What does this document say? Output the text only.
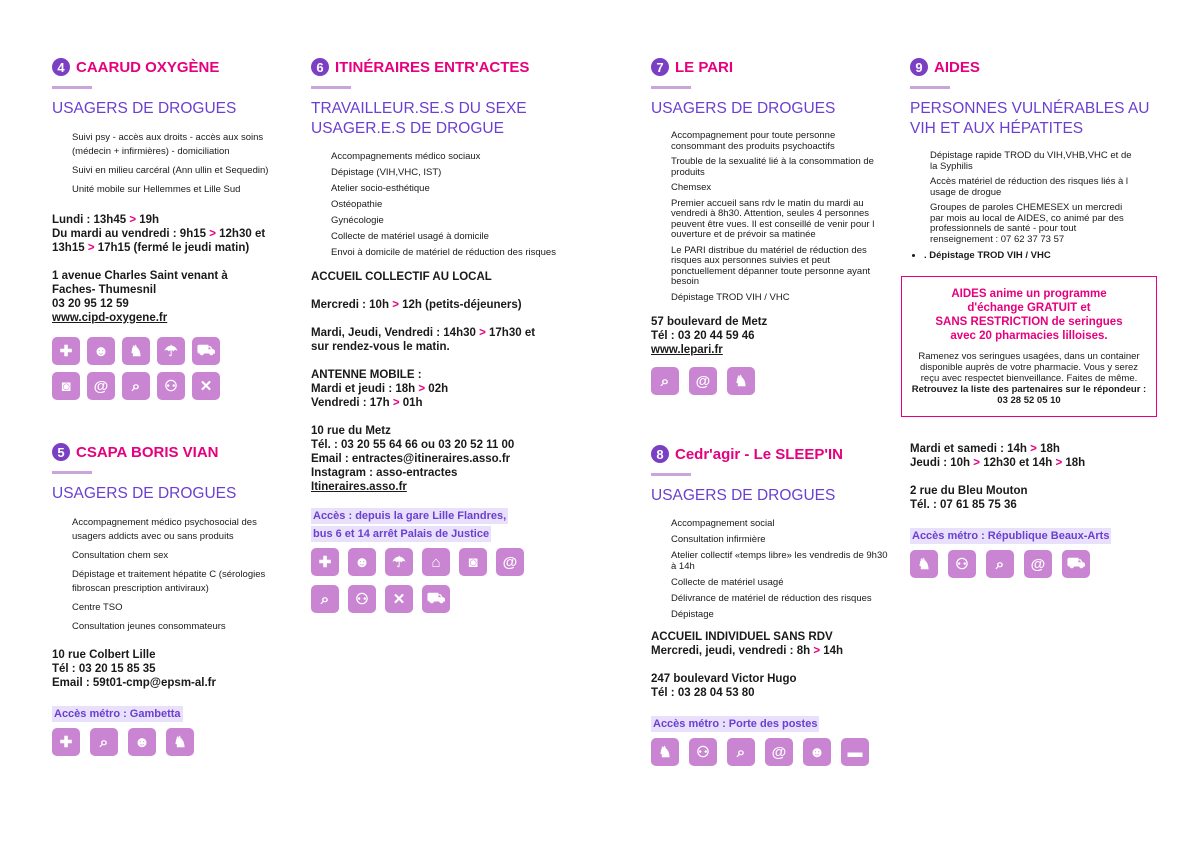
4 CAARUD OXYGÈNE
USAGERS DE DROGUES
Suivi psy - accès aux droits - accès aux soins (médecin + infirmières) - domiciliation
Suivi en milieu carcéral (Ann ullin et Sequedin)
Unité mobile sur Hellemmes et Lille Sud

Lundi : 13h45 > 19h

Du mardi au vendredi : 9h15 > 12h30 et

13h15 > 17h15 (fermé le jeudi matin)

1 avenue Charles Saint venant à

Faches- Thumesnil

03 20 95 12 59

www.cipd-oxygene.fr

✚	☻	♞	☂	⛟
◙	@	⌕	⚇	✕
5 CSAPA BORIS VIAN
USAGERS DE DROGUES
Accompagnement médico psychosocial des usagers addicts avec ou sans produits
Consultation chem sex
Dépistage et traitement hépatite C (sérologies fibroscan prescription antiviraux)
Centre TSO
Consultation jeunes consommateurs

10 rue Colbert Lille

Tél : 03 20 15 85 35

Email : 59t01-cmp@epsm-al.fr

Accès métro : Gambetta
✚	⌕	☻	♞
6 ITINÉRAIRES ENTR'ACTES
TRAVAILLEUR.SE.S DU SEXE
USAGER.E.S DE DROGUE
Accompagnements médico sociaux
Dépistage (VIH,VHC, IST)
Atelier socio-esthétique
Ostéopathie
Gynécologie
Collecte de matériel usagé à domicile
Envoi à domicile de matériel de réduction des risques

ACCUEIL COLLECTIF AU LOCAL

Mercredi : 10h > 12h (petits-déjeuners)

Mardi, Jeudi, Vendredi : 14h30 > 17h30 et

sur rendez-vous le matin.

ANTENNE MOBILE :

Mardi et jeudi : 18h > 02h

Vendredi : 17h > 01h

10 rue du Metz

Tél. : 03 20 55 64 66 ou 03 20 52 11 00

Email : entractes@itineraires.asso.fr

Instagram : asso-entractes

Itineraires.asso.fr

Accès : depuis la gare Lille Flandres,
bus 6 et 14 arrêt Palais de Justice
✚	☻	☂	⌂	◙	@
⌕	⚇	✕	⛟
7 LE PARI
USAGERS DE DROGUES
Accompagnement pour toute personne consommant des produits psychoactifs
Trouble de la sexualité lié à la consommation de produits
Chemsex
Premier accueil sans rdv le matin du mardi au vendredi à 8h30. Attention, seules 4 personnes peuvent être vues. Il est conseillé de venir pour l ouverture et de prévoir sa matinée
Le PARI distribue du matériel de réduction des risques aux personnes suivies et peut ponctuellement dépanner toute personne ayant besoin
Dépistage TROD VIH / VHC

57 boulevard de Metz

Tél : 03 20 44 59 46

www.lepari.fr

⌕	@	♞
8 Cedr'agir - Le SLEEP'IN
USAGERS DE DROGUES
Accompagnement social
Consultation infirmière
Atelier collectif «temps libre» les vendredis de 9h30 à 14h
Collecte de matériel usagé
Délivrance de matériel de réduction des risques
Dépistage

ACCUEIL INDIVIDUEL SANS RDV

Mercredi, jeudi, vendredi : 8h > 14h

247 boulevard Victor Hugo

Tél : 03 28 04 53 80

Accès métro : Porte des postes
♞	⚇	⌕	@	☻	▬
9 AIDES
PERSONNES VULNÉRABLES AU
VIH ET AUX HÉPATITES
Dépistage rapide TROD du VIH,VHB,VHC et de la Syphilis
Accès matériel de réduction des risques liés à l usage de drogue
Groupes de paroles CHEMESEX un mercredi par mois au local de AIDES, co animé par des professionnels de santé - pour tout renseignement : 07 62 37 73 57
• . Dépistage TROD VIH / VHC

AIDES anime un programme
d'échange GRATUIT et
SANS RESTRICTION de seringues
avec 20 pharmacies lilloises.

Ramenez vos seringues usagées, dans un container disponible auprès de votre pharmacie. Vous y serez reçu avec respectet bienveillance. Faites de même.

Retrouvez la liste des partenaires sur le répondeur : 03 28 52 05 10

Mardi et samedi : 14h > 18h

Jeudi : 10h > 12h30 et 14h > 18h

2 rue du Bleu Mouton

Tél. : 07 61 85 75 36

Accès métro : République Beaux-Arts
♞	⚇	⌕	@	⛟
